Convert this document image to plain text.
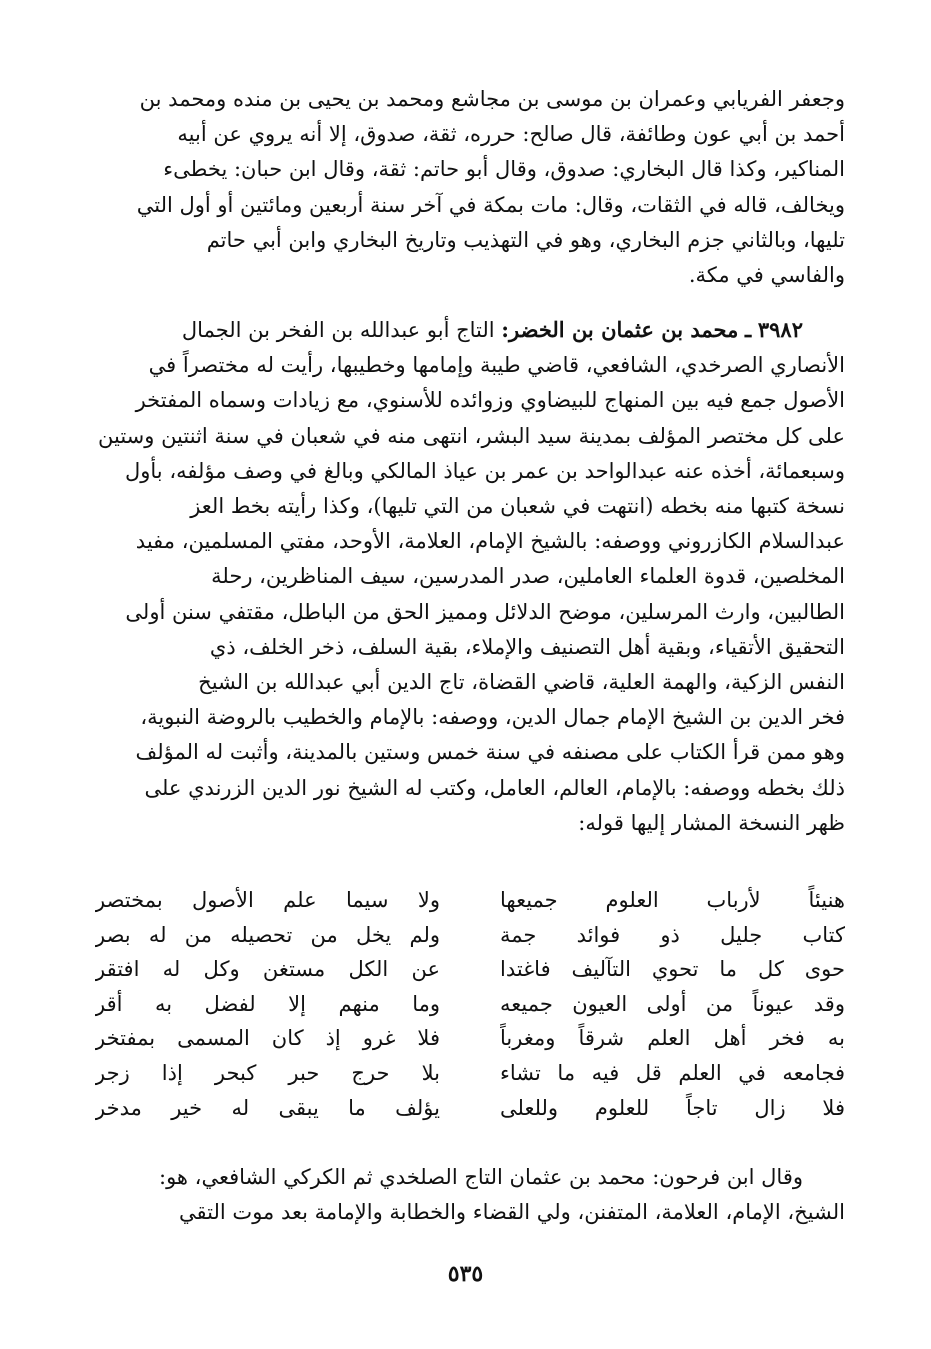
وجعفر الفريابي وعمران بن موسى بن مجاشع ومحمد بن يحيى بن منده ومحمد بن
أحمد بن أبي عون وطائفة، قال صالح: حرره، ثقة، صدوق، إلا أنه يروي عن أبيه
المناكير، وكذا قال البخاري: صدوق، وقال أبو حاتم: ثقة، وقال ابن حبان: يخطىء
ويخالف، قاله في الثقات، وقال: مات بمكة في آخر سنة أربعين ومائتين أو أول التي
تليها، وبالثاني جزم البخاري، وهو في التهذيب وتاريخ البخاري وابن أبي حاتم
والفاسي في مكة.
  ٣٩٨٢ ـ محمد بن عثمان بن الخضر: التاج أبو عبدالله بن الفخر بن الجمال
الأنصاري الصرخدي، الشافعي، قاضي طيبة وإمامها وخطيبها، رأيت له مختصراً في
الأصول جمع فيه بين المنهاج للبيضاوي وزوائده للأسنوي، مع زيادات وسماه المفتخر
على كل مختصر المؤلف بمدينة سيد البشر، انتهى منه في شعبان في سنة اثنتين وستين
وسبعمائة، أخذه عنه عبدالواحد بن عمر بن عياذ المالكي وبالغ في وصف مؤلفه، بأول
نسخة كتبها منه بخطه (انتهت في شعبان من التي تليها)، وكذا رأيته بخط العز
عبدالسلام الكازروني ووصفه: بالشيخ الإمام، العلامة، الأوحد، مفتي المسلمين، مفيد
المخلصين، قدوة العلماء العاملين، صدر المدرسين، سيف المناظرين، رحلة
الطالبين، وارث المرسلين، موضح الدلائل ومميز الحق من الباطل، مقتفي سنن أولى
التحقيق الأتقياء، وبقية أهل التصنيف والإملاء، بقية السلف، ذخر الخلف، ذي
النفس الزكية، والهمة العلية، قاضي القضاة، تاج الدين أبي عبدالله بن الشيخ
فخر الدين بن الشيخ الإمام جمال الدين، ووصفه: بالإمام والخطيب بالروضة النبوية،
وهو ممن قرأ الكتاب على مصنفه في سنة خمس وستين بالمدينة، وأثبت له المؤلف
ذلك بخطه ووصفه: بالإمام، العالم، العامل، وكتب له الشيخ نور الدين الزرندي على
ظهر النسخة المشار إليها قوله:
هنيئاً لأرباب العلوم جميعها
كتاب جليل ذو فوائد جمة
حوى كل ما تحوي التآليف فاغتدا
وقد عيوناً من أولى العيون جميعه
به فخر أهل العلم شرقاً ومغرباً
فجامعه في العلم قل فيه ما تشاء
فلا زال تاجاً للعلوم وللعلى
ولا سيما علم الأصول بمختصر
ولم يخل من تحصيله من له بصر
عن الكل مستغن وكل له افتقر
وما منهم إلا لفضل به أقر
فلا غرو إذ كان المسمى بمفتخر
بلا حرج حبر كبحر إذا زجر
يؤلف ما يبقى له خير مدخر
  وقال ابن فرحون: محمد بن عثمان التاج الصلخدي ثم الكركي الشافعي، هو:
الشيخ، الإمام، العلامة، المتفنن، ولي القضاء والخطابة والإمامة بعد موت التقي
٥٣٥
